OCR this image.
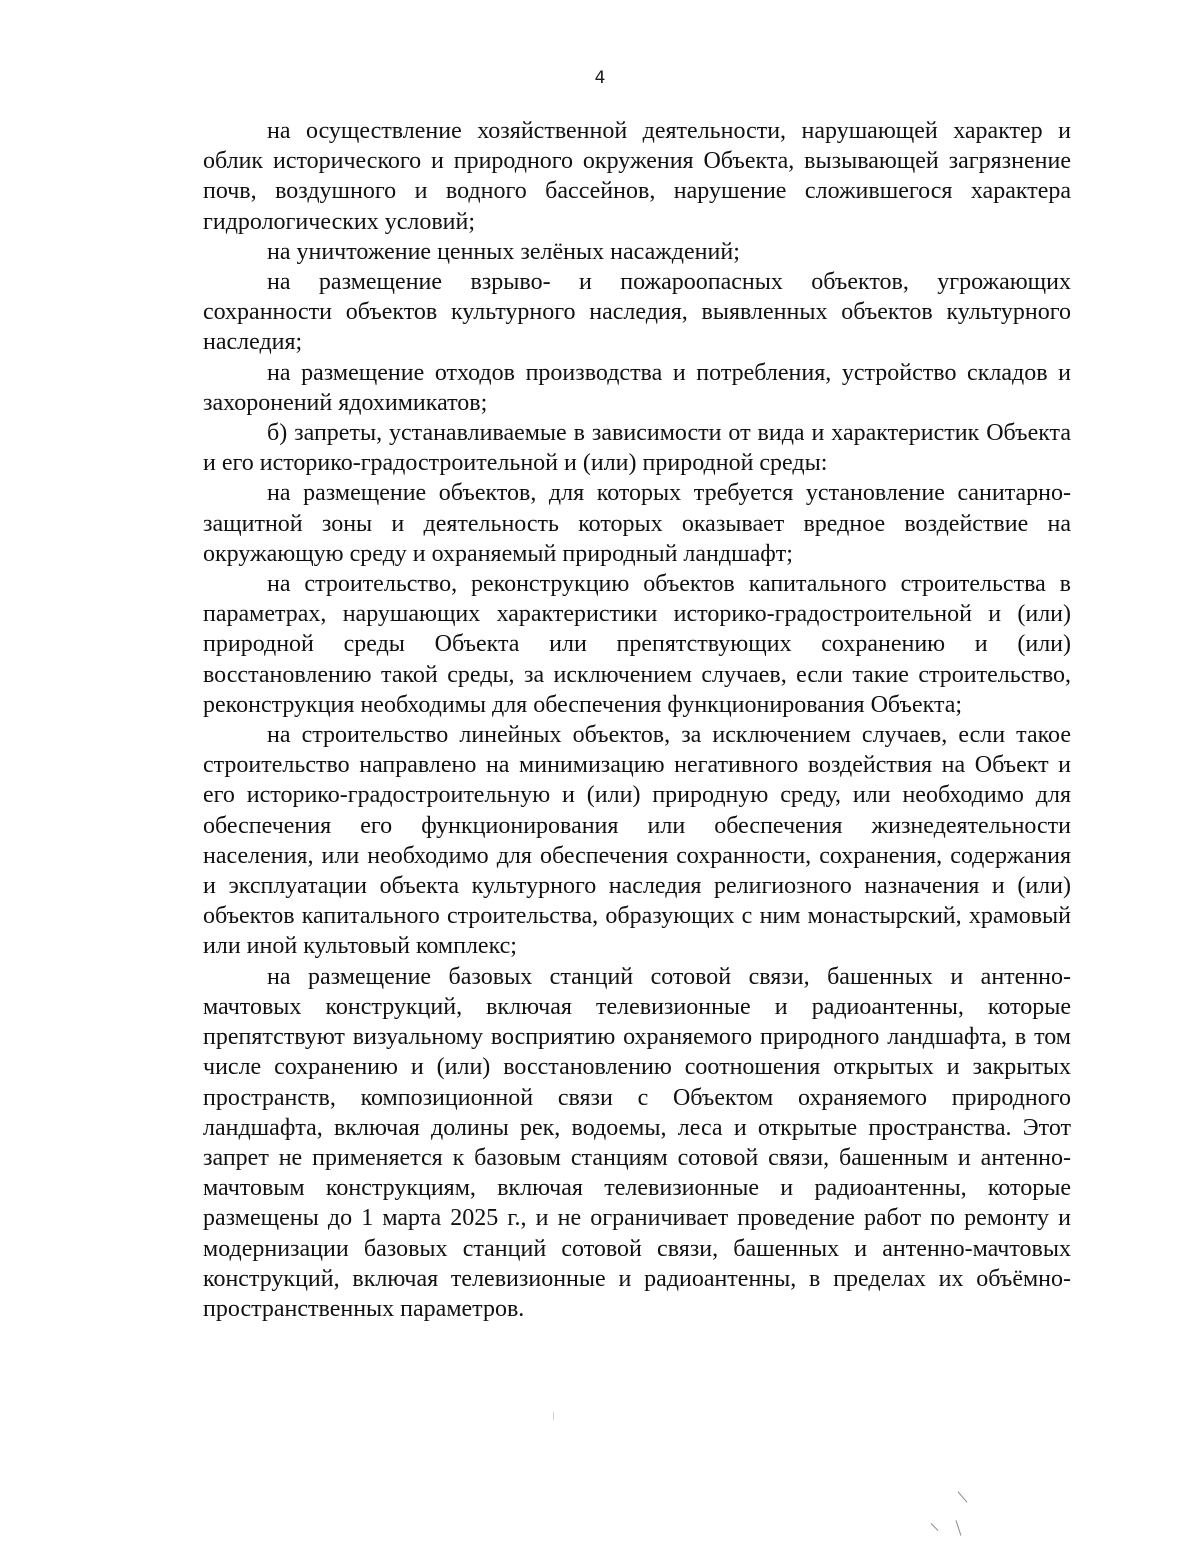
4

на осуществление хозяйственной деятельности, нарушающей характер и облик исторического и природного окружения Объекта, вызывающей загрязнение почв, воздушного и водного бассейнов, нарушение сложившегося характера гидрологических условий;

на уничтожение ценных зелёных насаждений;

на размещение взрыво- и пожароопасных объектов, угрожающих сохранности объектов культурного наследия, выявленных объектов культурного наследия;

на размещение отходов производства и потребления, устройство складов и захоронений ядохимикатов;

б) запреты, устанавливаемые в зависимости от вида и характеристик Объекта и его историко-градостроительной и (или) природной среды:

на размещение объектов, для которых требуется установление санитарно-защитной зоны и деятельность которых оказывает вредное воздействие на окружающую среду и охраняемый природный ландшафт;

на строительство, реконструкцию объектов капитального строительства в параметрах, нарушающих характеристики историко-градостроительной и (или) природной среды Объекта или препятствующих сохранению и (или) восстановлению такой среды, за исключением случаев, если такие строительство, реконструкция необходимы для обеспечения функционирования Объекта;

на строительство линейных объектов, за исключением случаев, если такое строительство направлено на минимизацию негативного воздействия на Объект и его историко-градостроительную и (или) природную среду, или необходимо для обеспечения его функционирования или обеспечения жизнедеятельности населения, или необходимо для обеспечения сохранности, сохранения, содержания и эксплуатации объекта культурного наследия религиозного назначения и (или) объектов капитального строительства, образующих с ним монастырский, храмовый или иной культовый комплекс;

на размещение базовых станций сотовой связи, башенных и антенно-мачтовых конструкций, включая телевизионные и радиоантенны, которые препятствуют визуальному восприятию охраняемого природного ландшафта, в том числе сохранению и (или) восстановлению соотношения открытых и закрытых пространств, композиционной связи с Объектом охраняемого природного ландшафта, включая долины рек, водоемы, леса и открытые пространства. Этот запрет не применяется к базовым станциям сотовой связи, башенным и антенно-мачтовым конструкциям, включая телевизионные и радиоантенны, которые размещены до 1 марта 2025 г., и не ограничивает проведение работ по ремонту и модернизации базовых станций сотовой связи, башенных и антенно-мачтовых конструкций, включая телевизионные и радиоантенны, в пределах их объёмно-пространственных параметров.
